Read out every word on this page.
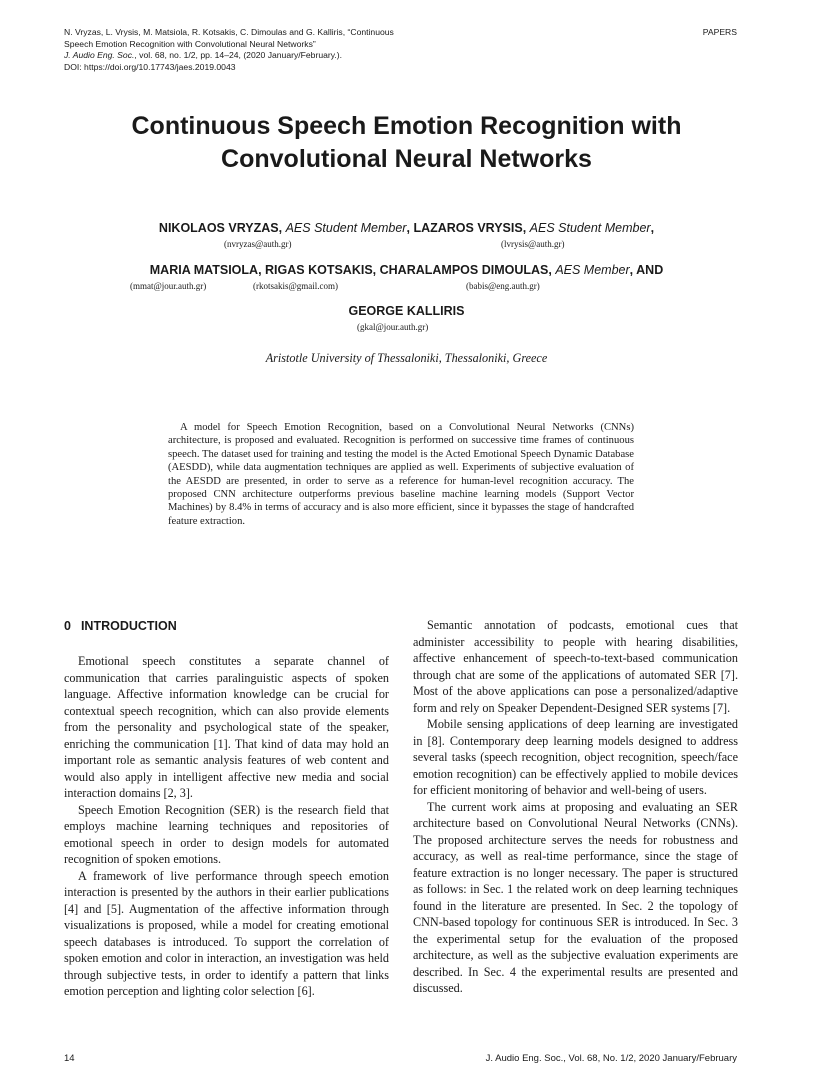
N. Vryzas, L. Vrysis, M. Matsiola, R. Kotsakis, C. Dimoulas and G. Kalliris, “Continuous
Speech Emotion Recognition with Convolutional Neural Networks”
J. Audio Eng. Soc., vol. 68, no. 1/2, pp. 14–24, (2020 January/February.).
DOI: https://doi.org/10.17743/jaes.2019.0043
PAPERS
Continuous Speech Emotion Recognition with
Convolutional Neural Networks
NIKOLAOS VRYZAS, AES Student Member, LAZAROS VRYSIS, AES Student Member,
(nvryzas@auth.gr)	(lvrysis@auth.gr)
MARIA MATSIOLA, RIGAS KOTSAKIS, CHARALAMPOS DIMOULAS, AES Member, AND
(mmat@jour.auth.gr)	(rkotsakis@gmail.com)	(babis@eng.auth.gr)
GEORGE KALLIRIS
(gkal@jour.auth.gr)
Aristotle University of Thessaloniki, Thessaloniki, Greece

A model for Speech Emotion Recognition, based on a Convolutional Neural Networks (CNNs) architecture, is proposed and evaluated. Recognition is performed on successive time frames of continuous speech. The dataset used for training and testing the model is the Acted Emotional Speech Dynamic Database (AESDD), while data augmentation techniques are applied as well. Experiments of subjective evaluation of the AESDD are presented, in order to serve as a reference for human-level recognition accuracy. The proposed CNN architecture outperforms previous baseline machine learning models (Support Vector Machines) by 8.4% in terms of accuracy and is also more efficient, since it bypasses the stage of handcrafted feature extraction.

0 INTRODUCTION

Emotional speech constitutes a separate channel of communication that carries paralinguistic aspects of spoken language. Affective information knowledge can be crucial for contextual speech recognition, which can also provide elements from the personality and psychological state of the speaker, enriching the communication [1]. That kind of data may hold an important role as semantic analysis features of web content and would also apply in intelligent affective new media and social interaction domains [2, 3].

Speech Emotion Recognition (SER) is the research field that employs machine learning techniques and repositories of emotional speech in order to design models for automated recognition of spoken emotions.

A framework of live performance through speech emotion interaction is presented by the authors in their earlier publications [4] and [5]. Augmentation of the affective information through visualizations is proposed, while a model for creating emotional speech databases is introduced. To support the correlation of spoken emotion and color in interaction, an investigation was held through subjective tests, in order to identify a pattern that links emotion perception and lighting color selection [6].

Semantic annotation of podcasts, emotional cues that administer accessibility to people with hearing disabilities, affective enhancement of speech-to-text-based communication through chat are some of the applications of automated SER [7]. Most of the above applications can pose a personalized/adaptive form and rely on Speaker Dependent-Designed SER systems [7].

Mobile sensing applications of deep learning are investigated in [8]. Contemporary deep learning models designed to address several tasks (speech recognition, object recognition, speech/face emotion recognition) can be effectively applied to mobile devices for efficient monitoring of behavior and well-being of users.

The current work aims at proposing and evaluating an SER architecture based on Convolutional Neural Networks (CNNs). The proposed architecture serves the needs for robustness and accuracy, as well as real-time performance, since the stage of feature extraction is no longer necessary. The paper is structured as follows: in Sec. 1 the related work on deep learning techniques found in the literature are presented. In Sec. 2 the topology of CNN-based topology for continuous SER is introduced. In Sec. 3 the experimental setup for the evaluation of the proposed architecture, as well as the subjective evaluation experiments are described. In Sec. 4 the experimental results are presented and discussed.

14	J. Audio Eng. Soc., Vol. 68, No. 1/2, 2020 January/February
